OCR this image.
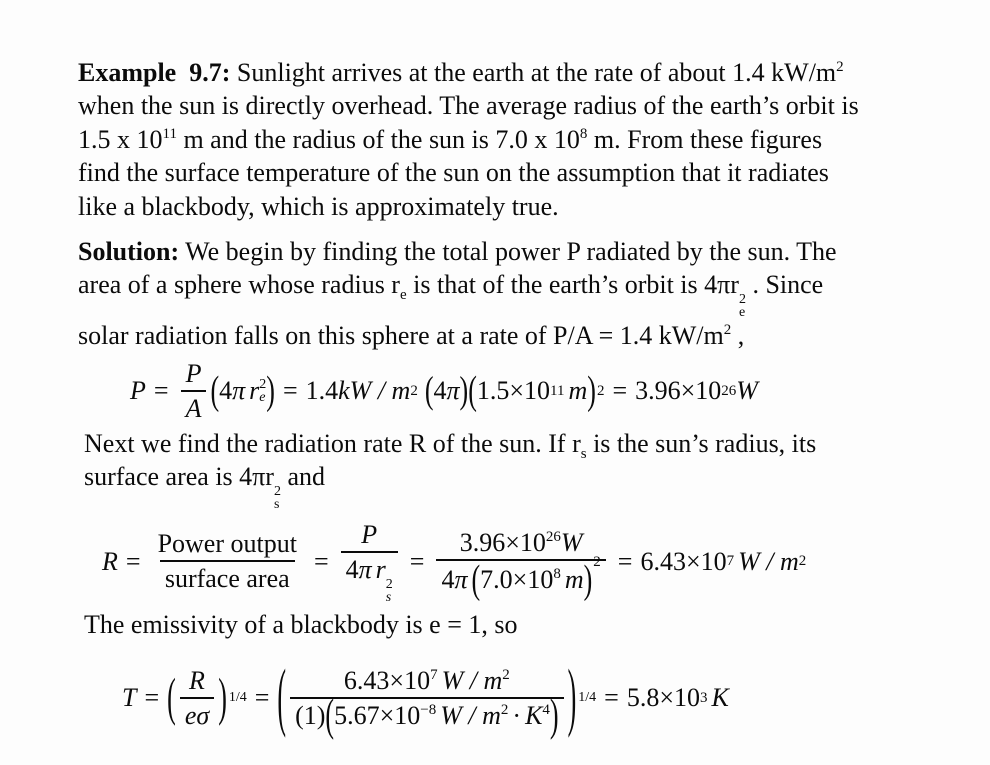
Example  9.7: Sunlight arrives at the earth at the rate of about 1.4 $kW/m^2$
when the sun is directly overhead. The average radius of the earth’s orbit is
1.5 x $10^{11}$ m and the radius of the sun is 7.0 x $10^8$ m. From these figures
find the surface temperature of the sun on the assumption that it radiates
like a blackbody, which is approximately true.
Solution: We begin by finding the total power P radiated by the sun. The
area of a sphere whose radius $r_e$ is that of the earth’s orbit is 4πr
2
e
. Since
solar radiation falls on this sphere at a rate of P/A = 1.4 $kW/m^2$ ,
$P = \frac{P}{A}$ ( 4 π r 2
e ) = 1.4 kW / m 2 ( 4 π ) ( 1.5×10 11 m ) 2 = 3.96×10 26 W
Next we find the radiation rate R of the sun. If $r_s$ is the sun’s radius, its
surface area is 4πr
2
s
and
$R = \frac{\text{Power output}}{\text{surface area}} = P$
4π r
2
$s = \frac{3.96\times 10^{26}W}{4\pi (7.0\times 10^8 m)^2} = 6.43\times 10$ 7 W / m 2
The emissivity of a blackbody is e = 1, so
T = ( $\frac{R}{e\sigma}$ ) 1/4 = ( $\frac{6.43\times 10^7 W / m^2}{(1)(5.67\times 10^{-8} W / m^2 \cdot K^4)}$ ) 1/4 = 5.8×10 3 K
